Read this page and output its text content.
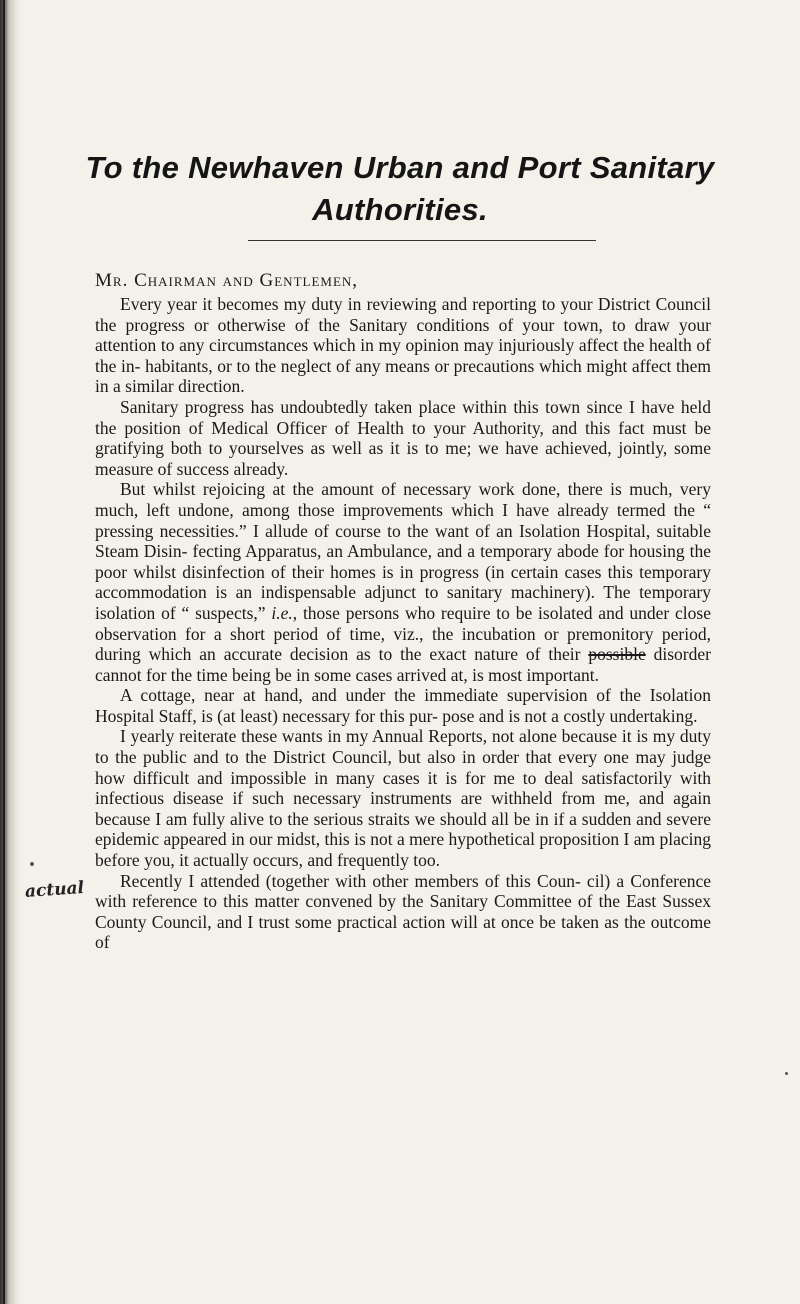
To the Newhaven Urban and Port Sanitary
Authorities.
Mr. Chairman and Gentlemen,

Every year it becomes my duty in reviewing and reporting to your District Council the progress or otherwise of the Sanitary conditions of your town, to draw your attention to any circumstances which in my opinion may injuriously affect the health of the in- habitants, or to the neglect of any means or precautions which might affect them in a similar direction.

Sanitary progress has undoubtedly taken place within this town since I have held the position of Medical Officer of Health to your Authority, and this fact must be gratifying both to yourselves as well as it is to me; we have achieved, jointly, some measure of success already.

But whilst rejoicing at the amount of necessary work done, there is much, very much, left undone, among those improvements which I have already termed the “ pressing necessities.” I allude of course to the want of an Isolation Hospital, suitable Steam Disin- fecting Apparatus, an Ambulance, and a temporary abode for housing the poor whilst disinfection of their homes is in progress (in certain cases this temporary accommodation is an indispensable adjunct to sanitary machinery). The temporary isolation of “ suspects,” i.e., those persons who require to be isolated and under close observation for a short period of time, viz., the incubation or premonitory period, during which an accurate decision as to the exact nature of their possible disorder cannot for the time being be in some cases arrived at, is most important.

A cottage, near at hand, and under the immediate supervision of the Isolation Hospital Staff, is (at least) necessary for this pur- pose and is not a costly undertaking.

I yearly reiterate these wants in my Annual Reports, not alone because it is my duty to the public and to the District Council, but also in order that every one may judge how difficult and impossible in many cases it is for me to deal satisfactorily with infectious disease if such necessary instruments are withheld from me, and again because I am fully alive to the serious straits we should all be in if a sudden and severe epidemic appeared in our midst, this is not a mere hypothetical proposition I am placing before you, it actually occurs, and frequently too.

Recently I attended (together with other members of this Coun- cil) a Conference with reference to this matter convened by the Sanitary Committee of the East Sussex County Council, and I trust some practical action will at once be taken as the outcome of

actual
